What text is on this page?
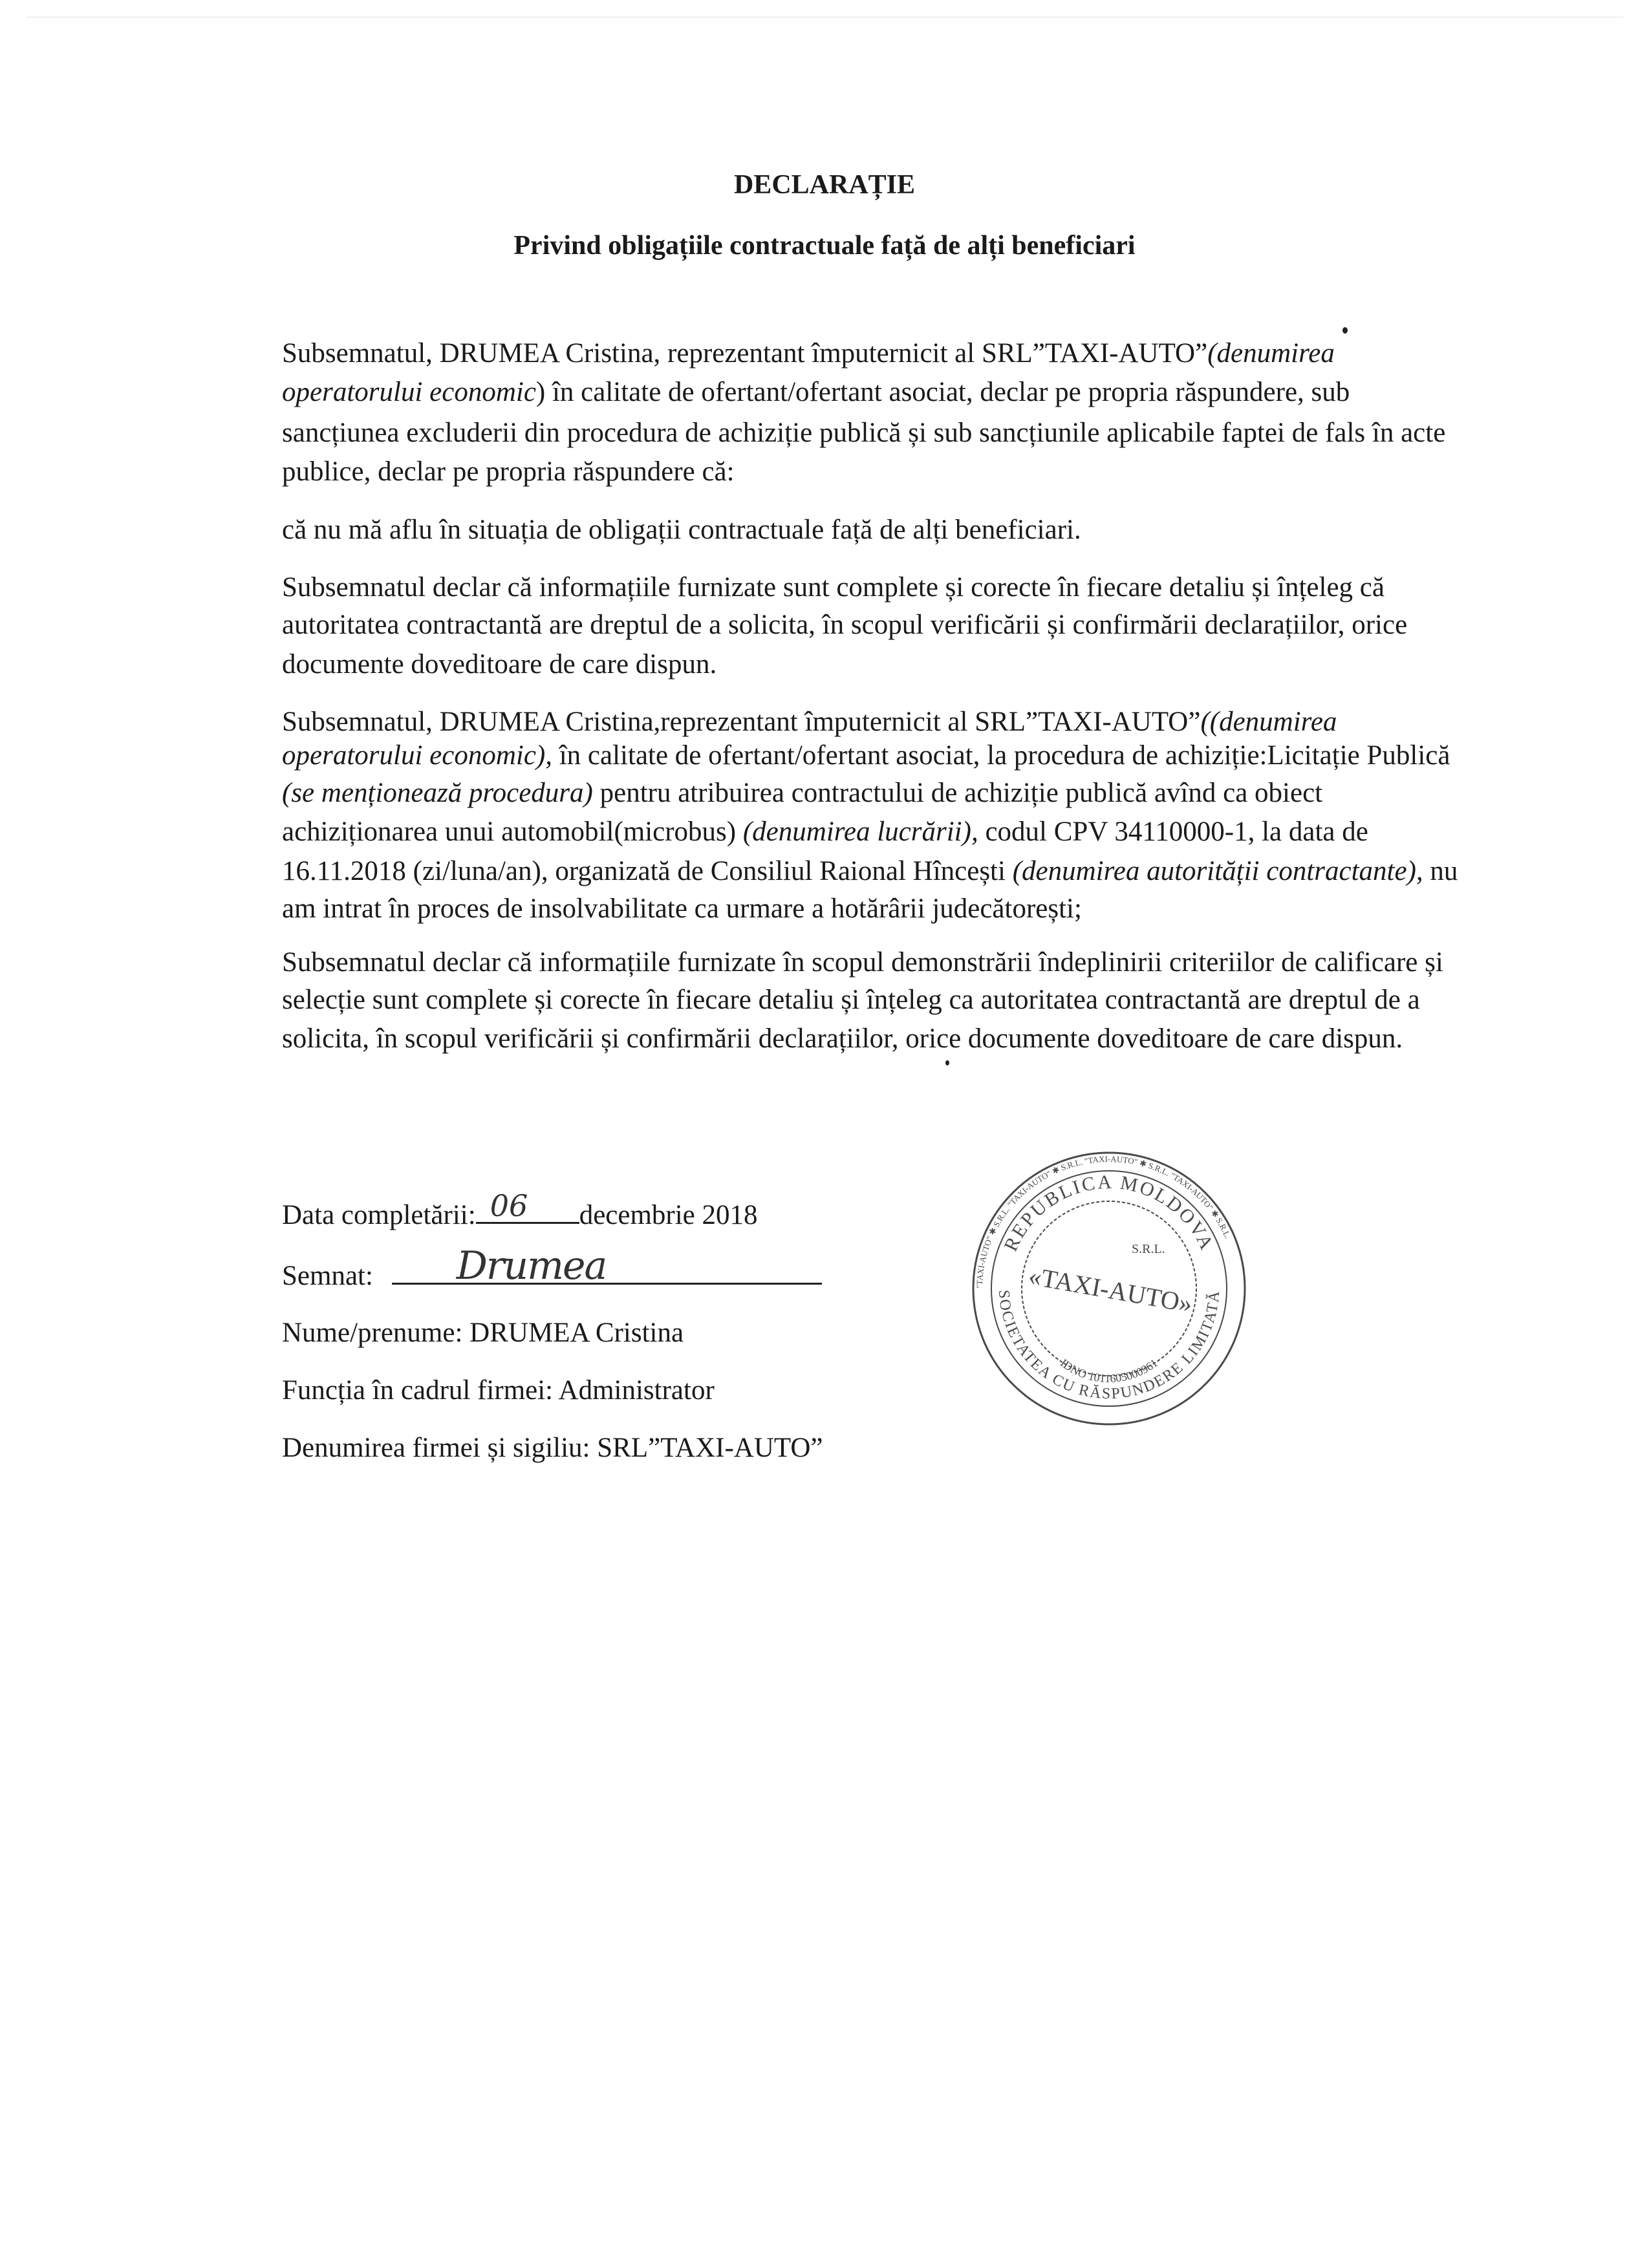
DECLARAȚIE
Privind obligațiile contractuale față de alți beneficiari
Subsemnatul, DRUMEA Cristina, reprezentant împuternicit al SRL”TAXI-AUTO”(denumirea
operatorului economic) în calitate de ofertant/ofertant asociat, declar pe propria răspundere, sub
sancțiunea excluderii din procedura de achiziție publică și sub sancțiunile aplicabile faptei de fals în acte
publice, declar pe propria răspundere că:
că nu mă aflu în situația de obligații contractuale față de alți beneficiari.
Subsemnatul declar că informațiile furnizate sunt complete și corecte în fiecare detaliu și înțeleg că
autoritatea contractantă are dreptul de a solicita, în scopul verificării și confirmării declarațiilor, orice
documente doveditoare de care dispun.
Subsemnatul, DRUMEA Cristina,reprezentant împuternicit al SRL”TAXI-AUTO”((denumirea
operatorului economic), în calitate de ofertant/ofertant asociat, la procedura de achiziție:Licitație Publică
(se menționează procedura) pentru atribuirea contractului de achiziție publică avînd ca obiect
achiziționarea unui automobil(microbus) (denumirea lucrării), codul CPV 34110000-1, la data de
16.11.2018 (zi/luna/an), organizată de Consiliul Raional Hîncești (denumirea autorității contractante), nu
am intrat în proces de insolvabilitate ca urmare a hotărârii judecătorești;
Subsemnatul declar că informațiile furnizate în scopul demonstrării îndeplinirii criteriilor de calificare și
selecție sunt complete și corecte în fiecare detaliu și înțeleg ca autoritatea contractantă are dreptul de a
solicita, în scopul verificării și confirmării declarațiilor, orice documente doveditoare de care dispun.
Data completării: 06 decembrie 2018
Semnat: Drumea
Nume/prenume: DRUMEA Cristina
Funcția în cadrul firmei: Administrator
Denumirea firmei și sigiliu: SRL”TAXI-AUTO”
"TAXI-AUTO" ✱ S.R.L. "TAXI-AUTO" ✱ S.R.L. "TAXI-AUTO" ✱ S.R.L. "TAXI-AUTO" ✱ S.R.L.
REPUBLICA MOLDOVA
SOCIETATEA CU RĂSPUNDERE LIMITATĂ
IDNO 1011605000961
S.R.L.
«TAXI-AUTO»
